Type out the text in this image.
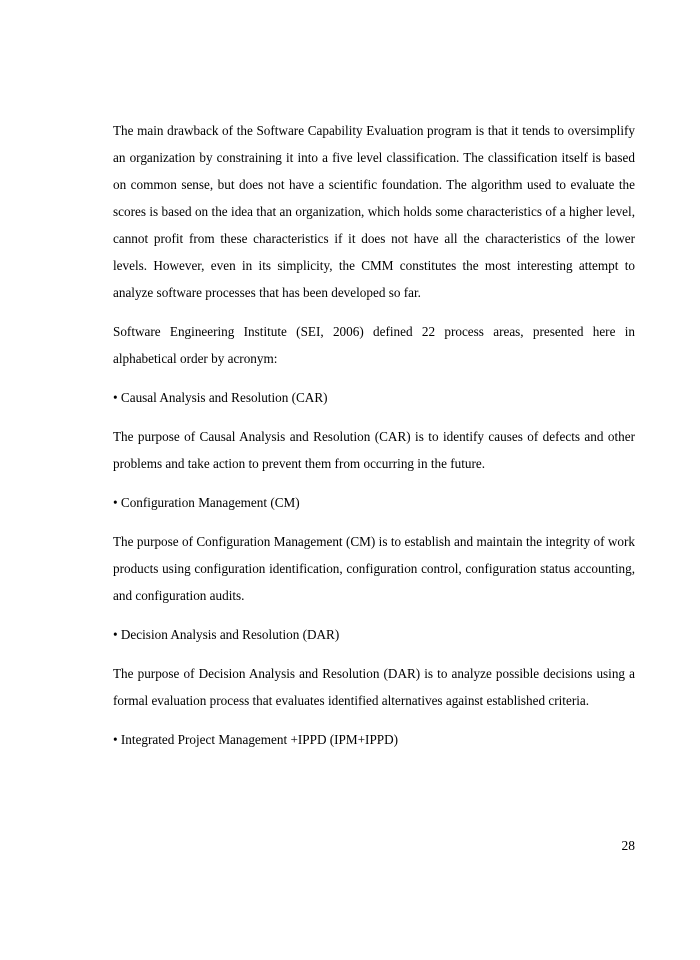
The main drawback of the Software Capability Evaluation program is that it tends to oversimplify an organization by constraining it into a five level classification. The classification itself is based on common sense, but does not have a scientific foundation. The algorithm used to evaluate the scores is based on the idea that an organization, which holds some characteristics of a higher level, cannot profit from these characteristics if it does not have all the characteristics of the lower levels. However, even in its simplicity, the CMM constitutes the most interesting attempt to analyze software processes that has been developed so far.

Software Engineering Institute (SEI, 2006) defined 22 process areas, presented here in alphabetical order by acronym:

• Causal Analysis and Resolution (CAR)

The purpose of Causal Analysis and Resolution (CAR) is to identify causes of defects and other problems and take action to prevent them from occurring in the future.

• Configuration Management (CM)

The purpose of Configuration Management (CM) is to establish and maintain the integrity of work products using configuration identification, configuration control, configuration status accounting, and configuration audits.

• Decision Analysis and Resolution (DAR)

The purpose of Decision Analysis and Resolution (DAR) is to analyze possible decisions using a formal evaluation process that evaluates identified alternatives against established criteria.

• Integrated Project Management +IPPD (IPM+IPPD)

28
